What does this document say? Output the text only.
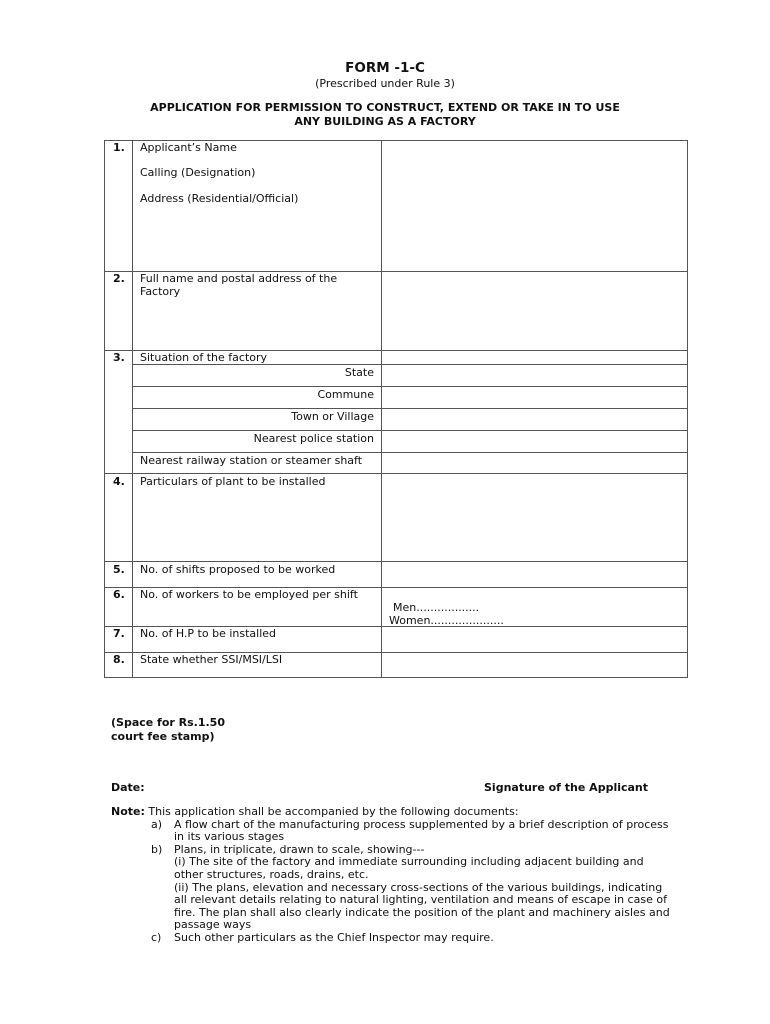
FORM -1-C
(Prescribed under Rule 3)
APPLICATION FOR PERMISSION TO CONSTRUCT, EXTEND OR TAKE IN TO USE
ANY BUILDING AS A FACTORY
1. Applicant’s Name
Calling (Designation)
Address (Residential/Official)
2. Full name and postal address of the
Factory
3. Situation of the factory
State
Commune
Town or Village
Nearest police station
Nearest railway station or steamer shaft
4. Particulars of plant to be installed
5. No. of shifts proposed to be worked
6. No. of workers to be employed per shift
Men..................
Women.....................
7. No. of H.P to be installed
8. State whether SSI/MSI/LSI
(Space for Rs.1.50
court fee stamp)
Date:	Signature of the Applicant
Note: This application shall be accompanied by the following documents:
a) A flow chart of the manufacturing process supplemented by a brief description of process in its various stages
b) Plans, in triplicate, drawn to scale, showing---
(i) The site of the factory and immediate surrounding including adjacent building and other structures, roads, drains, etc.
(ii) The plans, elevation and necessary cross-sections of the various buildings, indicating all relevant details relating to natural lighting, ventilation and means of escape in case of fire. The plan shall also clearly indicate the position of the plant and machinery aisles and passage ways
c) Such other particulars as the Chief Inspector may require.
